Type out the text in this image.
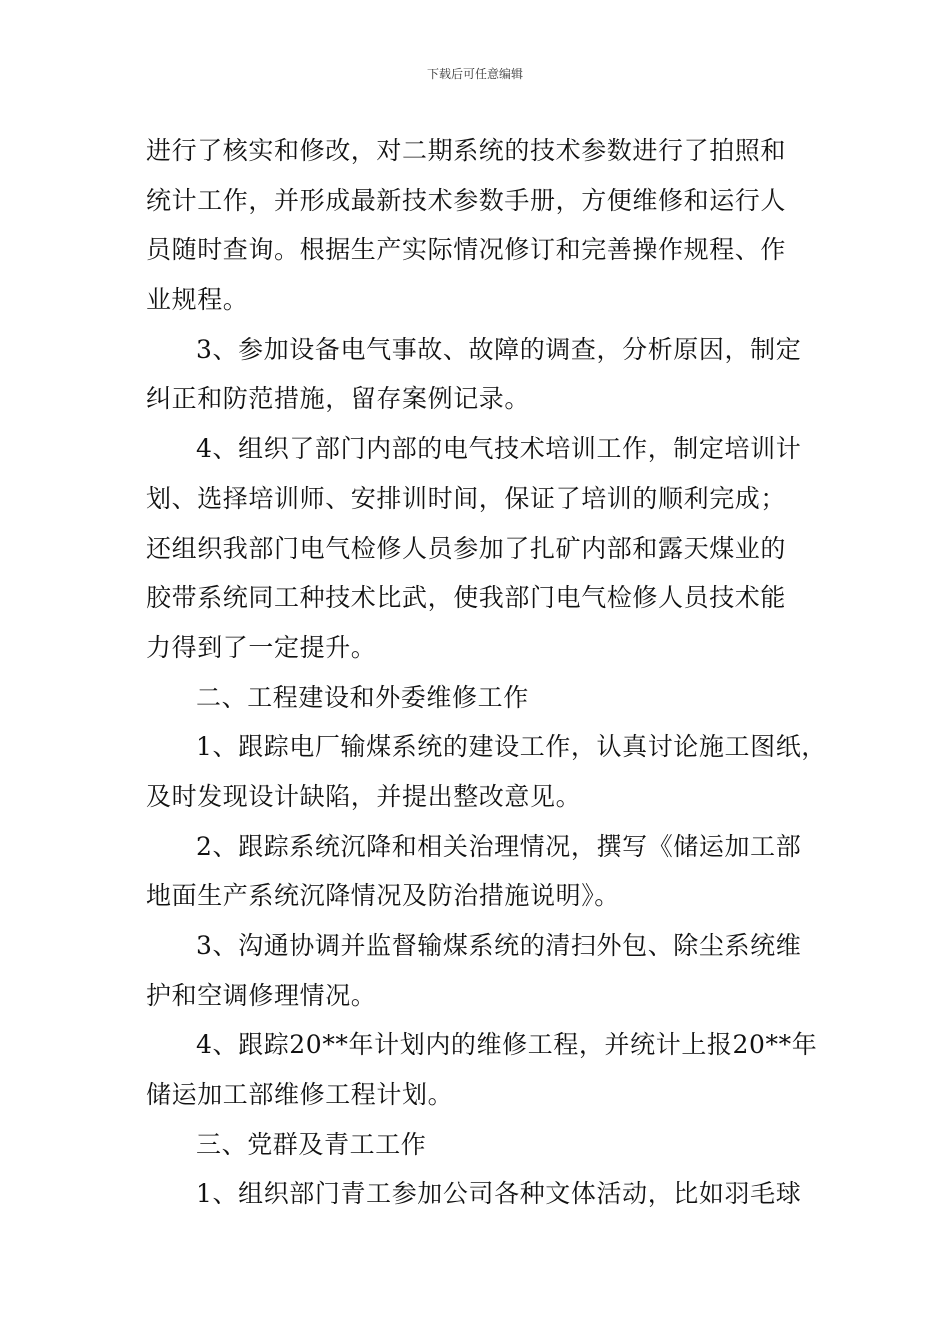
下载后可任意编辑
进行了核实和修改，对二期系统的技术参数进行了拍照和
统计工作，并形成最新技术参数手册，方便维修和运行人
员随时查询。根据生产实际情况修订和完善操作规程、作
业规程。
3、参加设备电气事故、故障的调查，分析原因，制定
纠正和防范措施，留存案例记录。
4、组织了部门内部的电气技术培训工作，制定培训计
划、选择培训师、安排训时间，保证了培训的顺利完成；
还组织我部门电气检修人员参加了扎矿内部和露天煤业的
胶带系统同工种技术比武，使我部门电气检修人员技术能
力得到了一定提升。
二、工程建设和外委维修工作
1、跟踪电厂输煤系统的建设工作，认真讨论施工图纸，
及时发现设计缺陷，并提出整改意见。
2、跟踪系统沉降和相关治理情况，撰写《储运加工部
地面生产系统沉降情况及防治措施说明》。
3、沟通协调并监督输煤系统的清扫外包、除尘系统维
护和空调修理情况。
4、跟踪20**年计划内的维修工程，并统计上报20**年
储运加工部维修工程计划。
三、党群及青工工作
1、组织部门青工参加公司各种文体活动，比如羽毛球
